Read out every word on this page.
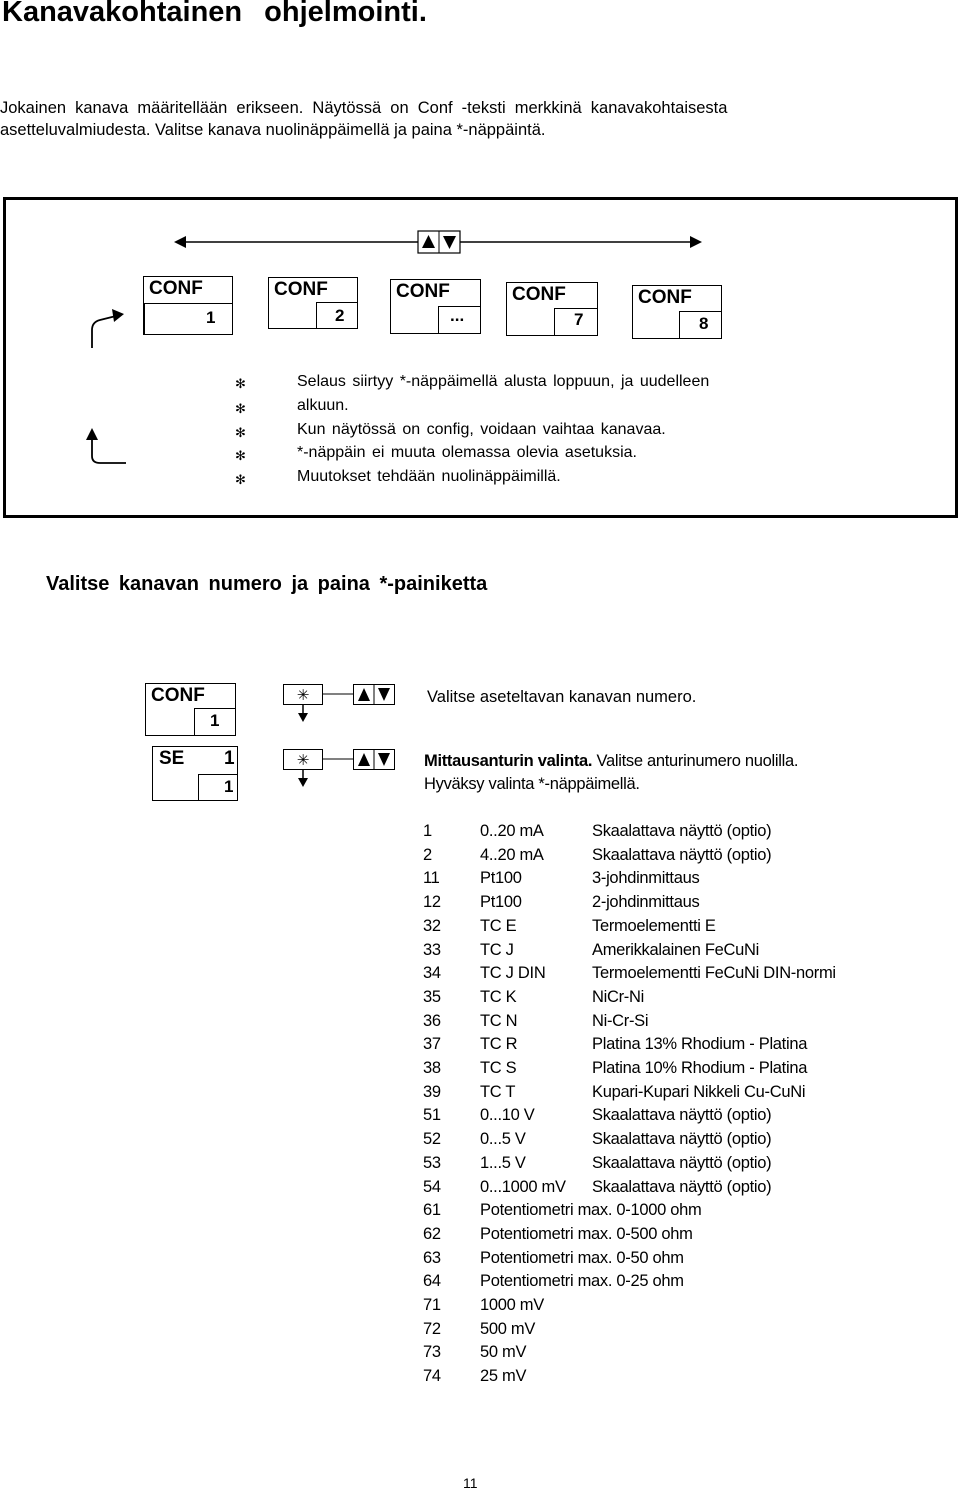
Kanavakohtainen ohjelmointi.
Jokainen kanava määritellään erikseen. Näytössä on Conf -teksti merkkinä kanavakohtaisesta
asetteluvalmiudesta. Valitse kanava nuolinäppäimellä ja paina *-näppäintä.
CONF
1
CONF
2
CONF
...
CONF
7
CONF
8
✻	Selaus siirtyy *-näppäimellä alusta loppuun, ja uudelleen
✻	alkuun.
✻	Kun näytössä on config, voidaan vaihtaa kanavaa.
✻	*-näppäin ei muuta olemassa olevia asetuksia.
✻	Muutokset tehdään nuolinäppäimillä.
Valitse kanavan numero ja paina *-painiketta
CONF
1
✳	Valitse aseteltavan kanavan numero.
SE 1
1
✳	Mittausanturin valinta. Valitse anturinumero nuolilla.
Hyväksy valinta *-näppäimellä.
1	0..20 mA	Skaalattava näyttö (optio)
2	4..20 mA	Skaalattava näyttö (optio)
11 Pt100	3-johdinmittaus
12 Pt100	2-johdinmittaus
32 TC E	Termoelementti E
33 TC J	Amerikkalainen FeCuNi
34 TC J DIN	Termoelementti FeCuNi DIN-normi
35 TC K	NiCr-Ni
36 TC N	Ni-Cr-Si
37 TC R	Platina 13% Rhodium - Platina
38 TC S	Platina 10% Rhodium - Platina
39 TC T	Kupari-Kupari Nikkeli Cu-CuNi
51 0...10 V	Skaalattava näyttö (optio)
52 0...5 V	Skaalattava näyttö (optio)
53 1...5 V	Skaalattava näyttö (optio)
54 0...1000 mV Skaalattava näyttö (optio)
61 Potentiometri max. 0-1000 ohm
62 Potentiometri max. 0-500 ohm
63 Potentiometri max. 0-50 ohm
64 Potentiometri max. 0-25 ohm
71 1000 mV
72 500 mV
73 50 mV
74 25 mV
11
